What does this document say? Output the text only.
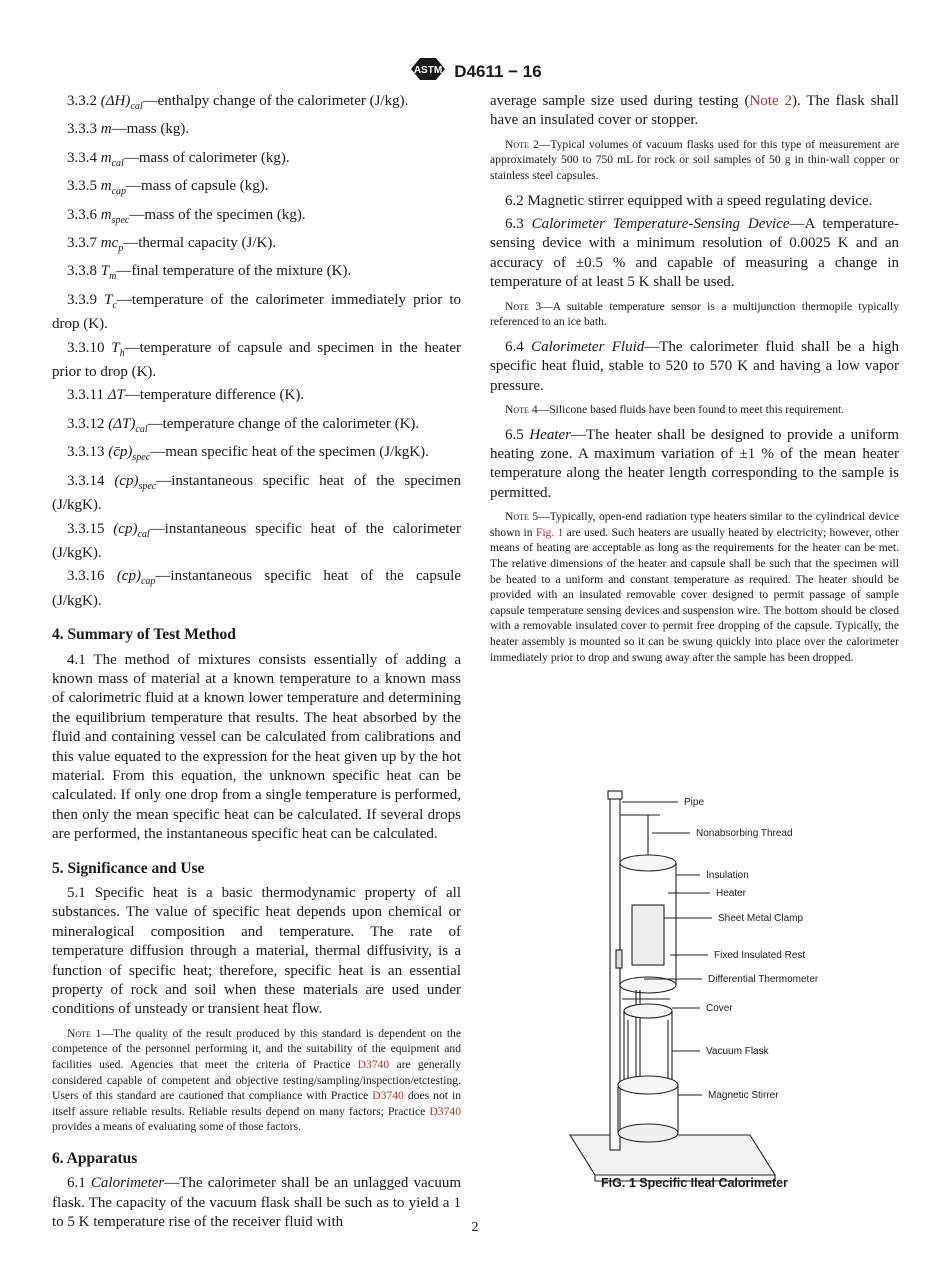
ASTM D4611 − 16

3.3.2 $(\Delta H)_{cal}—enthalpy$ change of the calorimeter (J/kg).

3.3.3 m—mass (kg).

3.3.4 $m_{cal}—mass$ of calorimeter (kg).

3.3.5 $m_{cap}—mass$ of capsule (kg).

3.3.6 $m_{spec}—mass$ of the specimen (kg).

3.3.7 $mc_p—thermal$ capacity (J/K).

3.3.8 $T_m—final$ temperature of the mixture (K).

3.3.9 $T_c—temperature$ of the calorimeter immediately prior to drop (K).

3.3.10 $T_h—temperature$ of capsule and specimen in the heater prior to drop (K).

3.3.11 ΔT—temperature difference (K).

3.3.12 $(\Delta T)_{cal}—temperature$ change of the calorimeter (K).

3.3.13 $(c̄p)_{spec}—mean$ specific heat of the specimen (J/kgK).

3.3.14 $(cp)_{spec}—instantaneous$ specific heat of the specimen (J/kgK).

3.3.15 $(cp)_{cal}—instantaneous$ specific heat of the calorimeter (J/kgK).

3.3.16 $(cp)_{cap}—instantaneous$ specific heat of the capsule (J/kgK).

4. Summary of Test Method

4.1 The method of mixtures consists essentially of adding a known mass of material at a known temperature to a known mass of calorimetric fluid at a known lower temperature and determining the equilibrium temperature that results. The heat absorbed by the fluid and containing vessel can be calculated from calibrations and this value equated to the expression for the heat given up by the hot material. From this equation, the unknown specific heat can be calculated. If only one drop from a single temperature is performed, then only the mean specific heat can be calculated. If several drops are performed, the instantaneous specific heat can be calculated.

5. Significance and Use

5.1 Specific heat is a basic thermodynamic property of all substances. The value of specific heat depends upon chemical or mineralogical composition and temperature. The rate of temperature diffusion through a material, thermal diffusivity, is a function of specific heat; therefore, specific heat is an essential property of rock and soil when these materials are used under conditions of unsteady or transient heat flow.

Note 1—The quality of the result produced by this standard is dependent on the competence of the personnel performing it, and the suitability of the equipment and facilities used. Agencies that meet the criteria of Practice D3740 are generally considered capable of competent and objective testing/sampling/inspection/etctesting. Users of this standard are cautioned that compliance with Practice D3740 does not in itself assure reliable results. Reliable results depend on many factors; Practice D3740 provides a means of evaluating some of those factors.

6. Apparatus

6.1 Calorimeter—The calorimeter shall be an unlagged vacuum flask. The capacity of the vacuum flask shall be such as to yield a 1 to 5 K temperature rise of the receiver fluid with

average sample size used during testing (Note 2). The flask shall have an insulated cover or stopper.

Note 2—Typical volumes of vacuum flasks used for this type of measurement are approximately 500 to 750 mL for rock or soil samples of 50 g in thin-wall copper or stainless steel capsules.

6.2 Magnetic stirrer equipped with a speed regulating device.

6.3 Calorimeter Temperature-Sensing Device—A temperature-sensing device with a minimum resolution of 0.0025 K and an accuracy of ±0.5 % and capable of measuring a change in temperature of at least 5 K shall be used.

Note 3—A suitable temperature sensor is a multijunction thermopile typically referenced to an ice bath.

6.4 Calorimeter Fluid—The calorimeter fluid shall be a high specific heat fluid, stable to 520 to 570 K and having a low vapor pressure.

Note 4—Silicone based fluids have been found to meet this requirement.

6.5 Heater—The heater shall be designed to provide a uniform heating zone. A maximum variation of ±1 % of the mean heater temperature along the heater length corresponding to the sample is permitted.

Note 5—Typically, open-end radiation type heaters similar to the cylindrical device shown in Fig. 1 are used. Such heaters are usually heated by electricity; however, other means of heating are acceptable as long as the requirements for the heater can be met. The relative dimensions of the heater and capsule shall be such that the specimen will be heated to a uniform and constant temperature as required. The heater should be provided with an insulated removable cover designed to permit passage of sample capsule temperature sensing devices and suspension wire. The bottom should be closed with a removable insulated cover to permit free dropping of the capsule. Typically, the heater assembly is mounted so it can be swung quickly into place over the calorimeter immediately prior to drop and swung away after the sample has been dropped.

Pipe
Nonabsorbing Thread
Insulation
Heater
Sheet Metal Clamp
Fixed Insulated Rest
Differential Thermometer
Cover
Vacuum Flask
Magnetic Stirrer
FIG. 1 Specific Ileal Calorimeter
2
